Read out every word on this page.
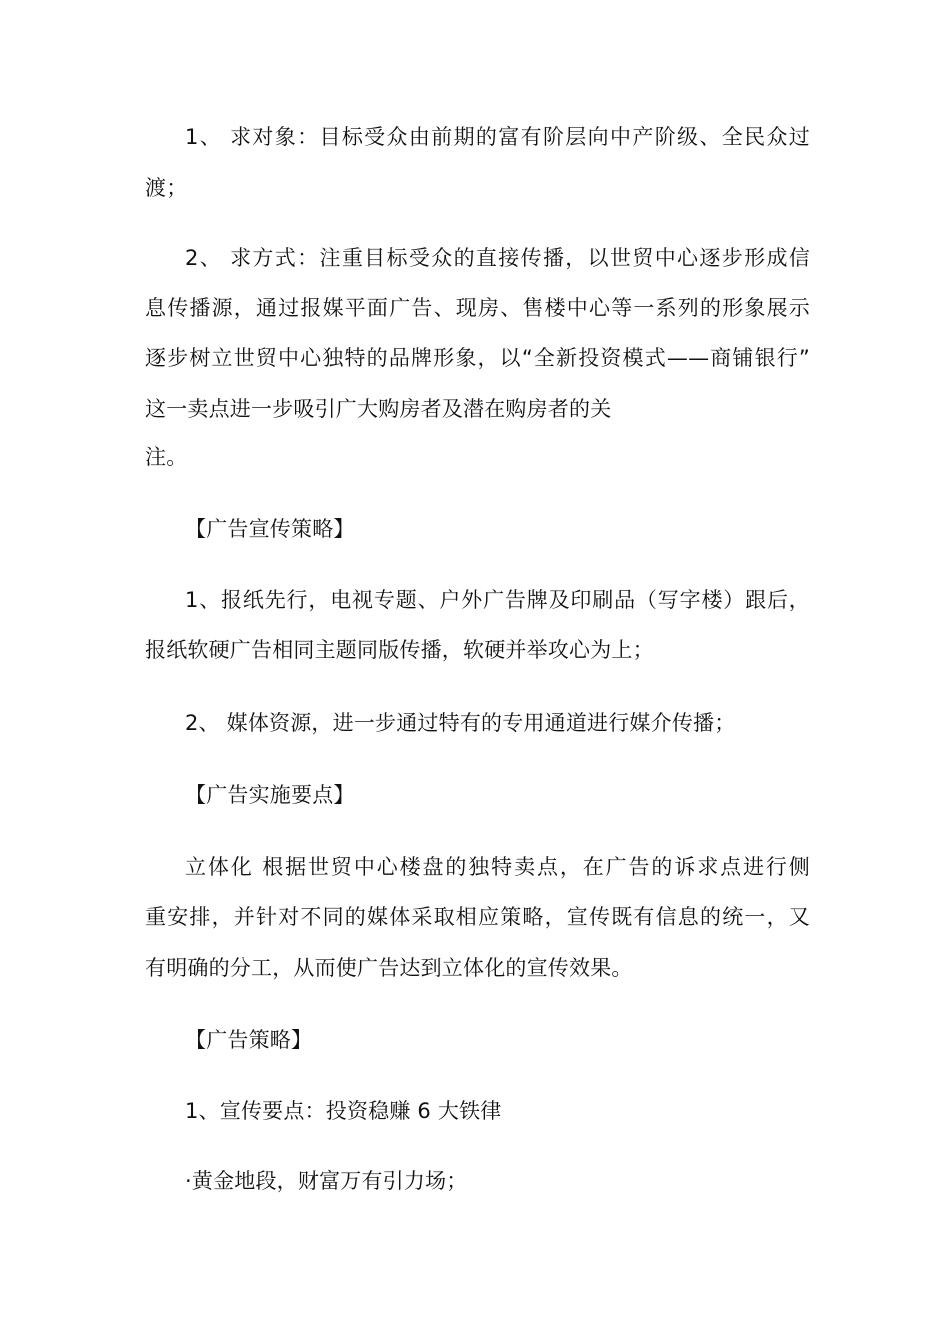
1、 求对象：目标受众由前期的富有阶层向中产阶级、全民众过
渡；
2、 求方式：注重目标受众的直接传播，以世贸中心逐步形成信
息传播源，通过报媒平面广告、现房、售楼中心等一系列的形象展示
逐步树立世贸中心独特的品牌形象，以“全新投资模式——商铺银行”
这一卖点进一步吸引广大购房者及潜在购房者的关
注。
【广告宣传策略】
1、报纸先行，电视专题、户外广告牌及印刷品（写字楼）跟后，
报纸软硬广告相同主题同版传播，软硬并举攻心为上；
2、 媒体资源，进一步通过特有的专用通道进行媒介传播；
【广告实施要点】
立体化 根据世贸中心楼盘的独特卖点，在广告的诉求点进行侧
重安排，并针对不同的媒体采取相应策略，宣传既有信息的统一，又
有明确的分工，从而使广告达到立体化的宣传效果。
【广告策略】
1、宣传要点：投资稳赚 6 大铁律
·黄金地段，财富万有引力场；
